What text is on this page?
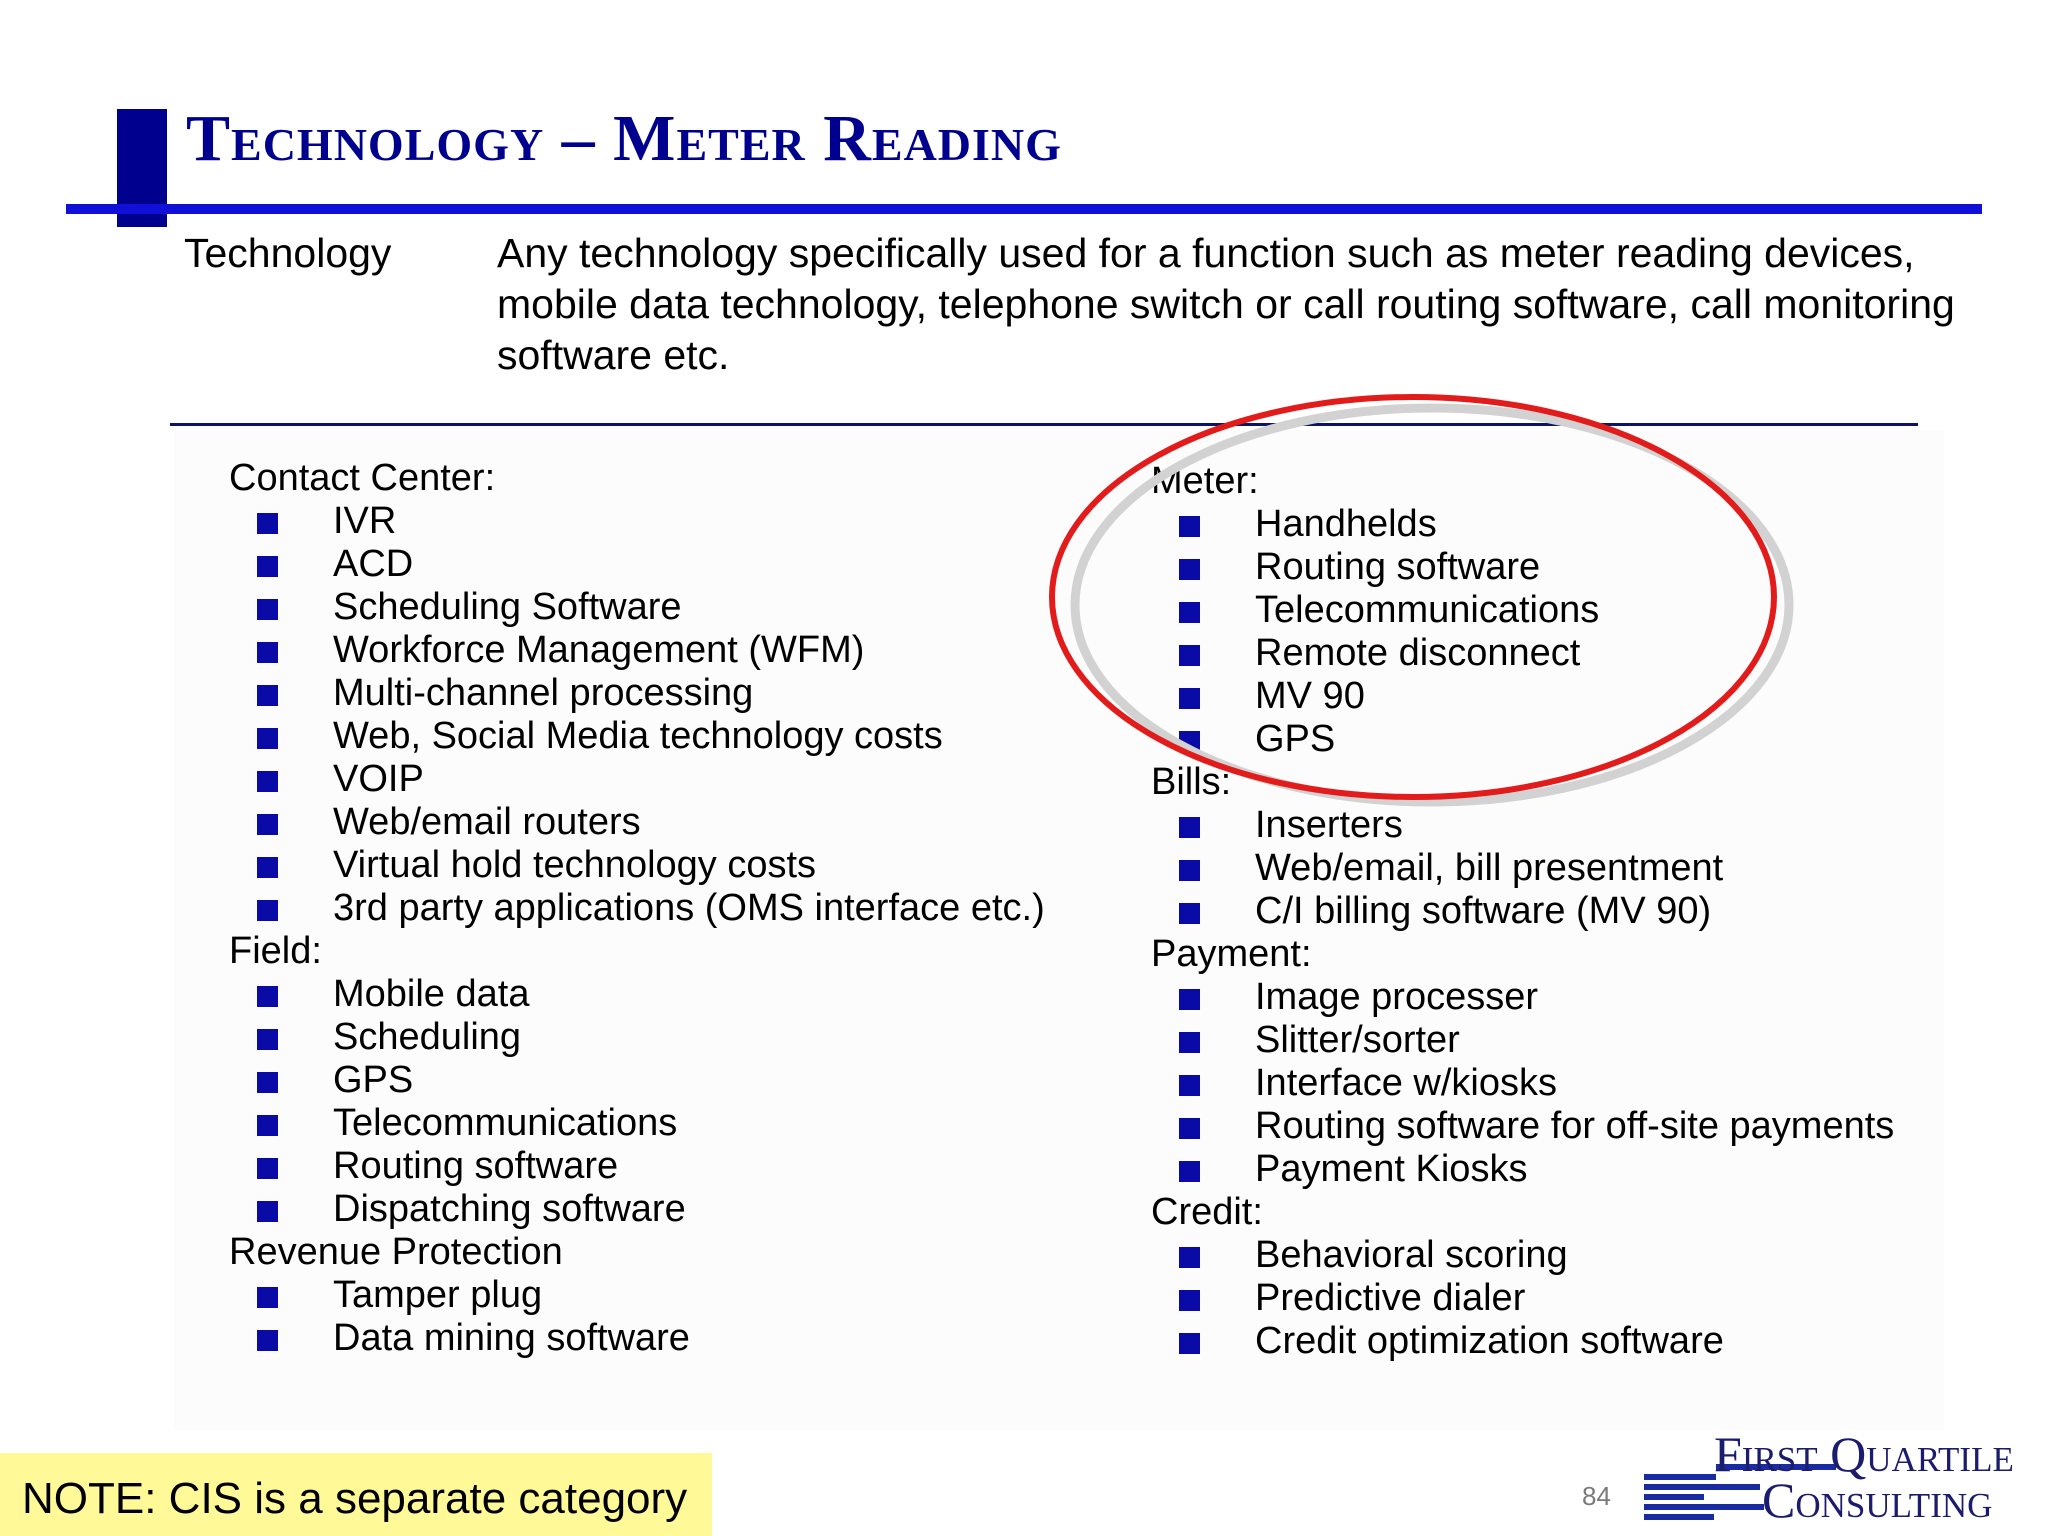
Technology – Meter Reading
Technology	Any technology specifically used for a function such as meter reading devices, mobile data technology, telephone switch or call routing software, call monitoring software etc.
Contact Center:
IVR
ACD
Scheduling Software
Workforce Management (WFM)
Multi-channel processing
Web, Social Media technology costs
VOIP
Web/email routers
Virtual hold technology costs
3rd party applications (OMS interface etc.)
Field:
Mobile data
Scheduling
GPS
Telecommunications
Routing software
Dispatching software
Revenue Protection
Tamper plug
Data mining software
Meter:
Handhelds
Routing software
Telecommunications
Remote disconnect
MV 90
GPS
Bills:
Inserters
Web/email, bill presentment
C/I billing software (MV 90)
Payment:
Image processer
Slitter/sorter
Interface w/kiosks
Routing software for off-site payments
Payment Kiosks
Credit:
Behavioral scoring
Predictive dialer
Credit optimization software
NOTE: CIS is a separate category	84
First Quartile
Consulting
